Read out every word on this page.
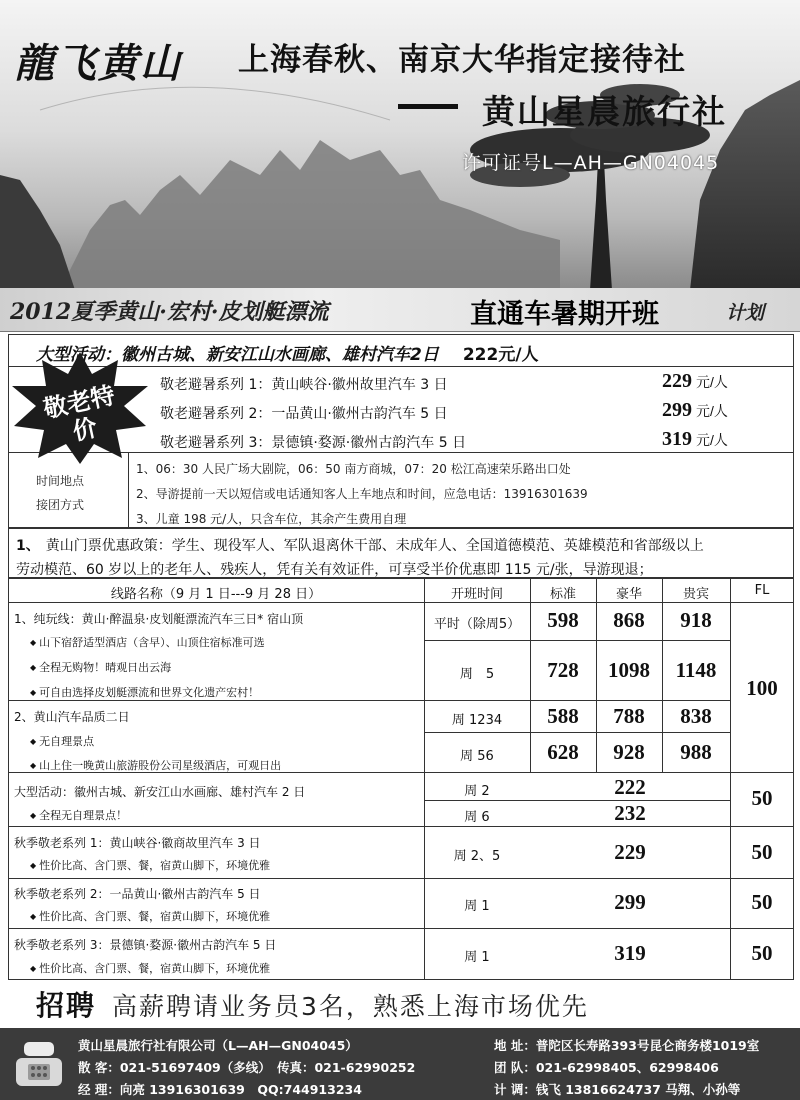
龍飞黄山 上海春秋、南京大华指定接待社
黄山星晨旅行社
许可证号L—AH—GN04045
2012夏季黄山·宏村·皮划艇漂流	直通车暑期开班	计划
大型活动：徽州古城、新安江山水画廊、雄村汽车2日 222元/人
敬老特价
敬老避暑系列 1：黄山峡谷·徽州故里汽车 3 日	229 元/人
敬老避暑系列 2：一品黄山·徽州古韵汽车 5 日	299 元/人
敬老避暑系列 3：景德镇·婺源·徽州古韵汽车 5 日	319 元/人
时间地点
接团方式
1、06：30 人民广场大剧院，06：50 南方商城，07：20 松江高速荣乐路出口处
2、导游提前一天以短信或电话通知客人上车地点和时间，应急电话：13916301639
3、儿童 198 元/人，只含车位，其余产生费用自理
1、 黄山门票优惠政策：学生、现役军人、军队退离休干部、未成年人、全国道德模范、英雄模范和省部级以上
劳动模范、60 岁以上的老年人、残疾人，凭有关有效证件，可享受半价优惠即 115 元/张，导游现退；
线路名称（9 月 1 日---9 月 28 日）	开班时间	标准	豪华	贵宾	FL
1、纯玩线：黄山·醉温泉·皮划艇漂流汽车三日* 宿山顶
◆ 山下宿舒适型酒店（含早）、山顶住宿标准可选
◆ 全程无购物！晴观日出云海
◆ 可自由选择皮划艇漂流和世界文化遗产宏村！
平时（除周5）	598	868	918
周　5	728	1098	1148
100
2、黄山汽车品质二日
◆ 无自理景点
◆ 山上住一晚黄山旅游股份公司星级酒店，可观日出
周 1234	588	788	838
周 56	628	928	988
大型活动：徽州古城、新安江山水画廊、雄村汽车 2 日
◆ 全程无自理景点！
周 2	222
周 6	232
50
秋季敬老系列 1：黄山峡谷·徽商故里汽车 3 日
◆ 性价比高、含门票、餐，宿黄山脚下，环境优雅
周 2、5	229	50
秋季敬老系列 2：一品黄山·徽州古韵汽车 5 日
◆ 性价比高、含门票、餐，宿黄山脚下，环境优雅
周 1	299	50
秋季敬老系列 3：景德镇·婺源·徽州古韵汽车 5 日
◆ 性价比高、含门票、餐，宿黄山脚下，环境优雅
周 1	319	50
招聘 高薪聘请业务员3名，熟悉上海市场优先
黄山星晨旅行社有限公司（L—AH—GN04045）
散 客：021-51697409（多线）　传真：021-62990252
经 理：向亮 13916301639　QQ:744913234
地 址：普陀区长寿路393号昆仑商务楼1019室
团 队：021-62998405、62998406
计 调：钱飞 13816624737 马翔、小孙等
